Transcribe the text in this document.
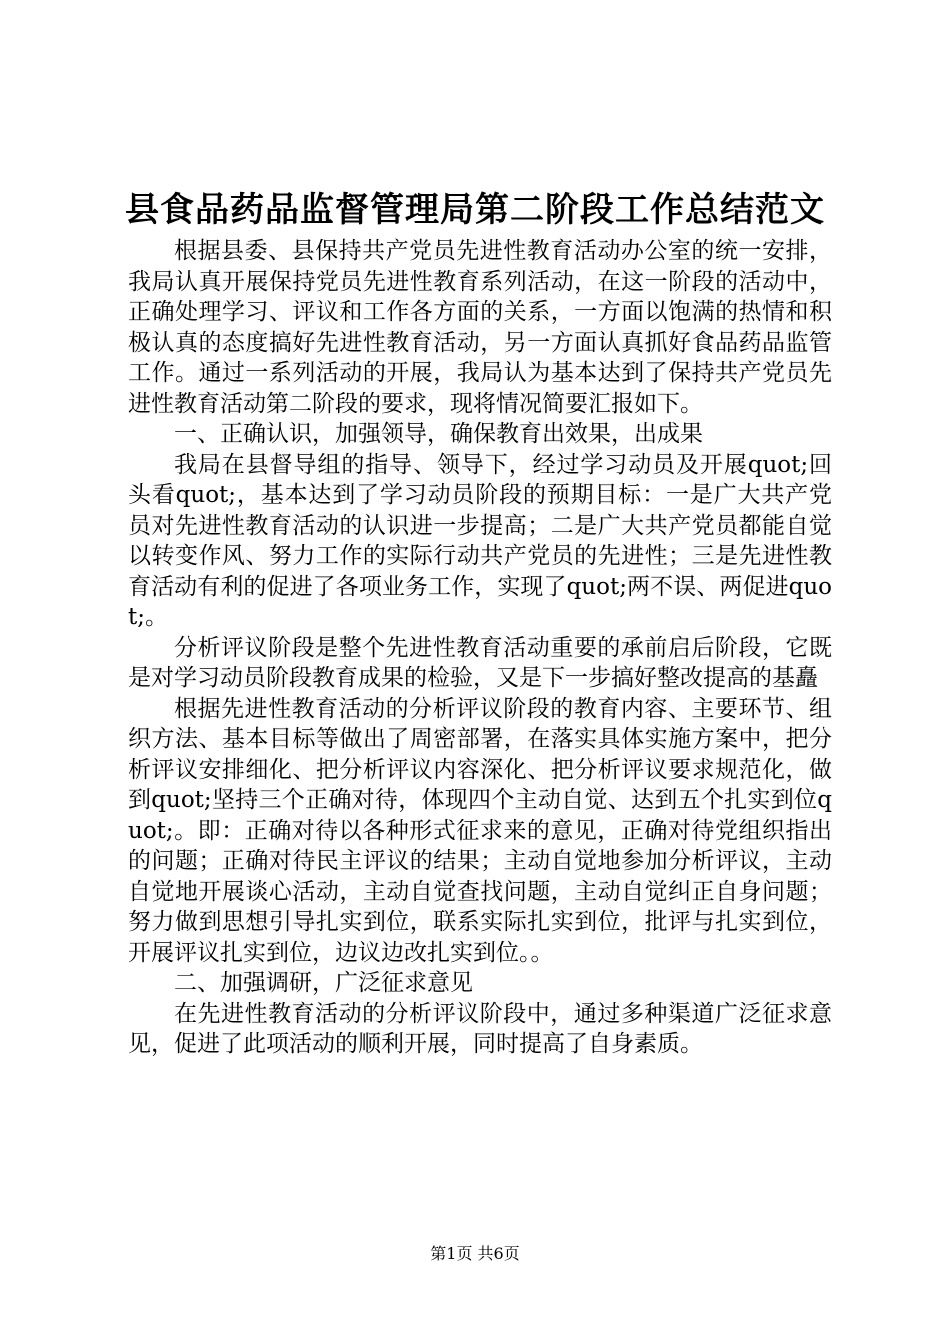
县食品药品监督管理局第二阶段工作总结范文

根据县委、县保持共产党员先进性教育活动办公室的统一安排，我局认真开展保持党员先进性教育系列活动，在这一阶段的活动中，正确处理学习、评议和工作各方面的关系，一方面以饱满的热情和积极认真的态度搞好先进性教育活动，另一方面认真抓好食品药品监管工作。通过一系列活动的开展，我局认为基本达到了保持共产党员先进性教育活动第二阶段的要求，现将情况简要汇报如下。

一、正确认识，加强领导，确保教育出效果，出成果

我局在县督导组的指导、领导下，经过学习动员及开展quot;回头看quot;，基本达到了学习动员阶段的预期目标：一是广大共产党员对先进性教育活动的认识进一步提高；二是广大共产党员都能自觉以转变作风、努力工作的实际行动共产党员的先进性；三是先进性教育活动有利的促进了各项业务工作，实现了quot;两不误、两促进quot;。

分析评议阶段是整个先进性教育活动重要的承前启后阶段，它既是对学习动员阶段教育成果的检验，又是下一步搞好整改提高的基矗

根据先进性教育活动的分析评议阶段的教育内容、主要环节、组织方法、基本目标等做出了周密部署，在落实具体实施方案中，把分析评议安排细化、把分析评议内容深化、把分析评议要求规范化，做到quot;坚持三个正确对待，体现四个主动自觉、达到五个扎实到位quot;。即：正确对待以各种形式征求来的意见，正确对待党组织指出的问题；正确对待民主评议的结果；主动自觉地参加分析评议，主动自觉地开展谈心活动，主动自觉查找问题，主动自觉纠正自身问题；努力做到思想引导扎实到位，联系实际扎实到位，批评与扎实到位，开展评议扎实到位，边议边改扎实到位。。

二、加强调研，广泛征求意见

在先进性教育活动的分析评议阶段中，通过多种渠道广泛征求意见，促进了此项活动的顺利开展，同时提高了自身素质。

第1页 共6页
